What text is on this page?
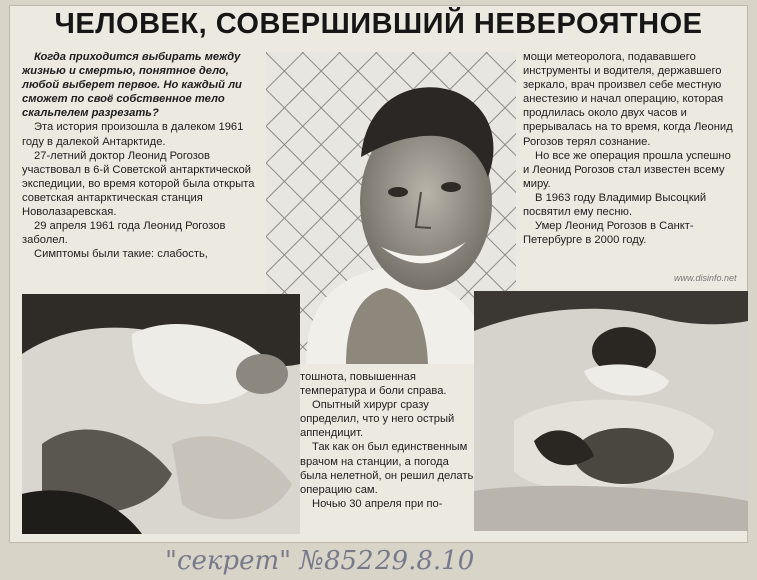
ЧЕЛОВЕК, СОВЕРШИВШИЙ НЕВЕРОЯТНОЕ

Когда приходится выбирать между жизнью и смертью, понятное дело, любой выберет первое. Но каждый ли сможет по своё собственное тело скальпелем разрезать?

Эта история произошла в далеком 1961 году в далекой Антарктиде.

27-летний доктор Леонид Рогозов участвовал в 6-й Советской антарктической экспедиции, во время которой была открыта советская антарктическая станция Новолазаревская.

29 апреля 1961 года Леонид Рогозов заболел.

Симптомы были такие: слабость,

мощи метеоролога, подававшего инструменты и водителя, державшего зеркало, врач произвел себе местную анестезию и начал операцию, которая продлилась около двух часов и прерывалась на то время, когда Леонид Рогозов терял сознание.

Но все же операция прошла успешно и Леонид Рогозов стал известен всему миру.

В 1963 году Владимир Высоцкий посвятил ему песню.

Умер Леонид Рогозов в Санкт-Петербурге в 2000 году.

www.disinfo.net

тошнота, повышенная температура и боли справа.

Опытный хирург сразу определил, что у него острый аппендицит.

Так как он был единственным врачом на станции, а погода была нелетной, он решил делать операцию сам.

Ночью 30 апреля при по-

"секрет" №852 29.8.10
